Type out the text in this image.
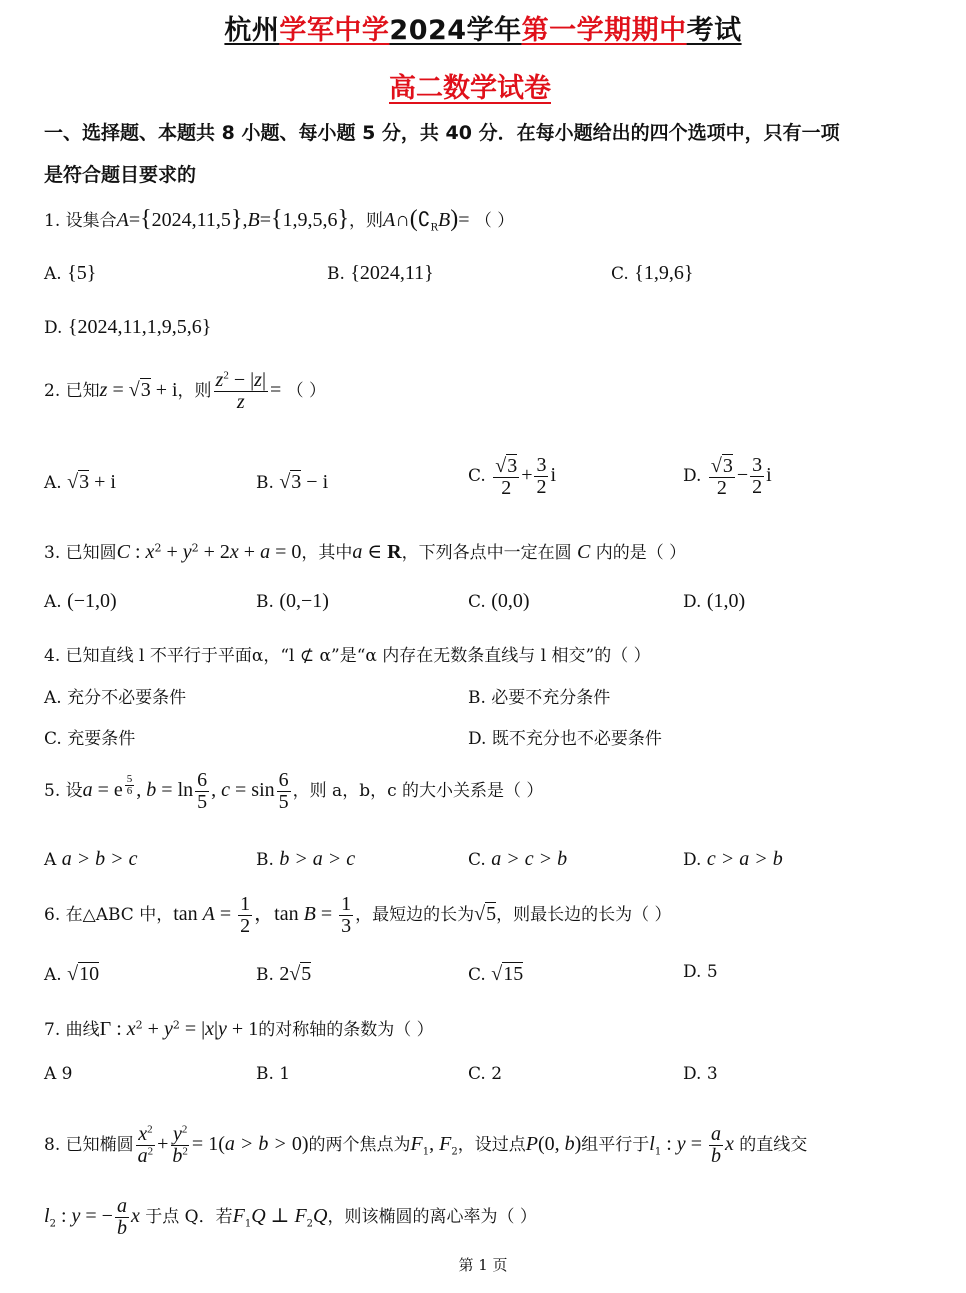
杭州学军中学2024学年第一学期期中考试
高二数学试卷
一、选择题、本题共 8 小题、每小题 5 分，共 40 分．在每小题给出的四个选项中，只有一项
是符合题目要求的
1. 设集合A={2024,11,5},B={1,9,5,6}，则$A\cap(∁_RB)=$ （ ）
A. {5}	B. {2024,11}	C. {1,9,6}
D. {2024,11,1,9,5,6}
2. 已知z = √3 + i，则 $\frac{z^2 - |z|}{z}$ = （ ）
A. √3 + i	B. √3 − i	C. $\frac{√3}{2} + \frac{3}{2}$ i	D. $\frac{√3}{2} - \frac{3}{2}$ i
3. 已知圆C : $x^2 + y^2 + 2x + a = 0$，其中a ∈ R，下列各点中一定在圆 C 内的是（ ）
A. (−1,0)	B. (0,−1)	C. (0,0)	D. (1,0)
4. 已知直线 l 不平行于平面α，“l ⊄ α”是“α 内存在无数条直线与 l 相交”的（ ）
A. 充分不必要条件	B. 必要不充分条件
C. 充要条件	D. 既不充分也不必要条件
5. 设a = e $^{\frac{5}{6}}$ , $b = \ln \frac{6}{5}$ , $c = \sin \frac{6}{5}$ ，则 a，b，c 的大小关系是（ ）
A a > b > c	B. b > a > c	C. a > c > b	D. c > a > b
6. 在△ABC 中，$\tan A = \frac{1}{2}$ ，$\tan B = \frac{1}{3}$ ，最短边的长为√5，则最长边的长为（ ）
A. √10	B. 2√5	C. √15	D. 5
7. 曲线Γ : $x^2 + y^2 = |x|y + 1$的对称轴的条数为（ ）
A 9	B. 1	C. 2	D. 3
8. 已知椭圆 $\frac{x^2}{a^2} + \frac{y^2}{b^2} = 1(a > b > 0)$的两个焦点为$F_1$, $F_2$，设过点P(0, b)组平行于$l_1$ : $y = \frac{a}{b}$ x 的直线交
$l_2$ : y = − $\frac{a}{b}$ x 于点 Q．若$F_1Q$ ⊥ $F_2Q$，则该椭圆的离心率为（ ）
第 1 页
